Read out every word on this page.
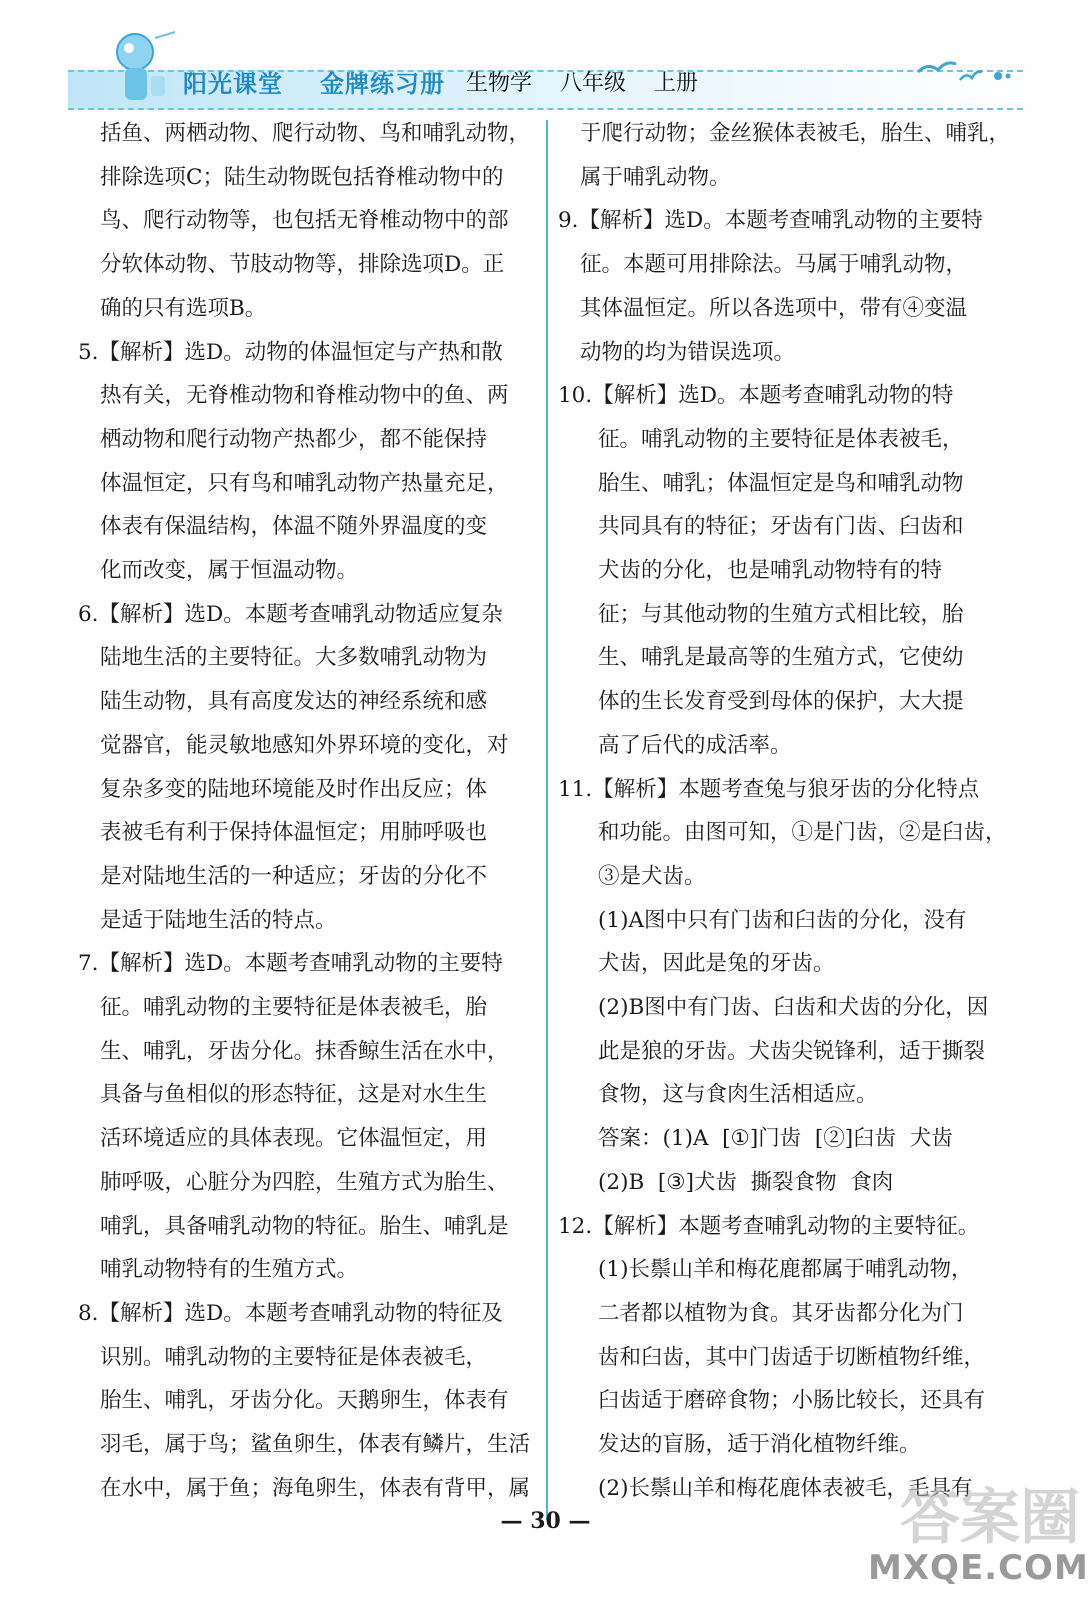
阳光课堂 金牌练习册 生物学 八年级 上册

括鱼、两栖动物、爬行动物、鸟和哺乳动物，

排除选项C；陆生动物既包括脊椎动物中的

鸟、爬行动物等，也包括无脊椎动物中的部

分软体动物、节肢动物等，排除选项D。正

确的只有选项B。

5.【解析】选D。动物的体温恒定与产热和散

热有关，无脊椎动物和脊椎动物中的鱼、两

栖动物和爬行动物产热都少，都不能保持

体温恒定，只有鸟和哺乳动物产热量充足，

体表有保温结构，体温不随外界温度的变

化而改变，属于恒温动物。

6.【解析】选D。本题考查哺乳动物适应复杂

陆地生活的主要特征。大多数哺乳动物为

陆生动物，具有高度发达的神经系统和感

觉器官，能灵敏地感知外界环境的变化，对

复杂多变的陆地环境能及时作出反应；体

表被毛有利于保持体温恒定；用肺呼吸也

是对陆地生活的一种适应；牙齿的分化不

是适于陆地生活的特点。

7.【解析】选D。本题考查哺乳动物的主要特

征。哺乳动物的主要特征是体表被毛，胎

生、哺乳，牙齿分化。抹香鲸生活在水中，

具备与鱼相似的形态特征，这是对水生生

活环境适应的具体表现。它体温恒定，用

肺呼吸，心脏分为四腔，生殖方式为胎生、

哺乳，具备哺乳动物的特征。胎生、哺乳是

哺乳动物特有的生殖方式。

8.【解析】选D。本题考查哺乳动物的特征及

识别。哺乳动物的主要特征是体表被毛，

胎生、哺乳，牙齿分化。天鹅卵生，体表有

羽毛，属于鸟；鲨鱼卵生，体表有鳞片，生活

在水中，属于鱼；海龟卵生，体表有背甲，属

于爬行动物；金丝猴体表被毛，胎生、哺乳，

属于哺乳动物。

9.【解析】选D。本题考查哺乳动物的主要特

征。本题可用排除法。马属于哺乳动物，

其体温恒定。所以各选项中，带有④变温

动物的均为错误选项。

10.【解析】选D。本题考查哺乳动物的特

征。哺乳动物的主要特征是体表被毛，

胎生、哺乳；体温恒定是鸟和哺乳动物

共同具有的特征；牙齿有门齿、臼齿和

犬齿的分化，也是哺乳动物特有的特

征；与其他动物的生殖方式相比较，胎

生、哺乳是最高等的生殖方式，它使幼

体的生长发育受到母体的保护，大大提

高了后代的成活率。

11.【解析】本题考查兔与狼牙齿的分化特点

和功能。由图可知，①是门齿，②是臼齿，

③是犬齿。

(1)A图中只有门齿和臼齿的分化，没有

犬齿，因此是兔的牙齿。

(2)B图中有门齿、臼齿和犬齿的分化，因

此是狼的牙齿。犬齿尖锐锋利，适于撕裂

食物，这与食肉生活相适应。

答案：(1)A  [①]门齿  [②]臼齿  犬齿

(2)B  [③]犬齿  撕裂食物  食肉

12.【解析】本题考查哺乳动物的主要特征。

(1)长鬃山羊和梅花鹿都属于哺乳动物，

二者都以植物为食。其牙齿都分化为门

齿和臼齿，其中门齿适于切断植物纤维，

臼齿适于磨碎食物；小肠比较长，还具有

发达的盲肠，适于消化植物纤维。

(2)长鬃山羊和梅花鹿体表被毛，毛具有

— 30 —	答案圈
MXQE.COM
